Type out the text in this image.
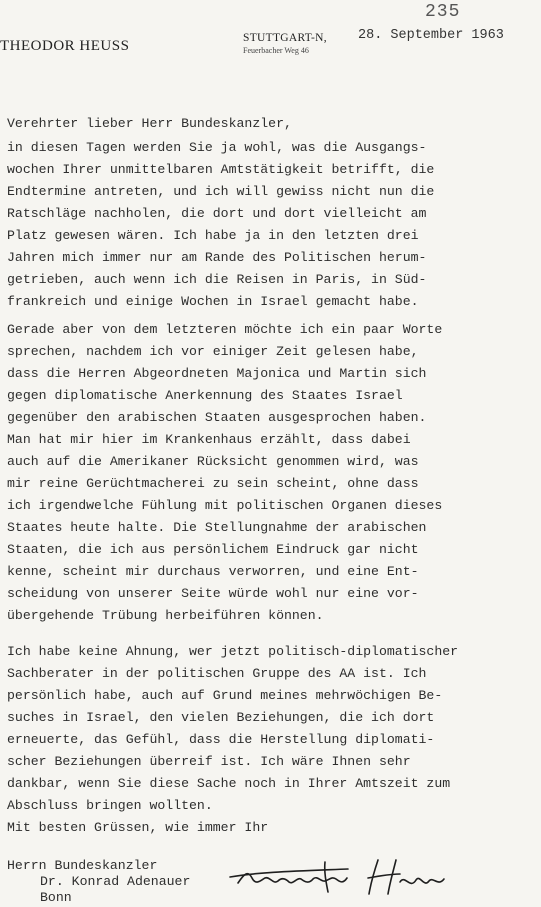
235
THEODOR HEUSS	STUTTGART-N,
Feuerbacher Weg 46
28. September 1963
Verehrter lieber Herr Bundeskanzler,
in diesen Tagen werden Sie ja wohl, was die Ausgangs-
wochen Ihrer unmittelbaren Amtstätigkeit betrifft, die
Endtermine antreten, und ich will gewiss nicht nun die
Ratschläge nachholen, die dort und dort vielleicht am
Platz gewesen wären. Ich habe ja in den letzten drei
Jahren mich immer nur am Rande des Politischen herum-
getrieben, auch wenn ich die Reisen in Paris, in Süd-
frankreich und einige Wochen in Israel gemacht habe.
Gerade aber von dem letzteren möchte ich ein paar Worte
sprechen, nachdem ich vor einiger Zeit gelesen habe,
dass die Herren Abgeordneten Majonica und Martin sich
gegen diplomatische Anerkennung des Staates Israel
gegenüber den arabischen Staaten ausgesprochen haben.
Man hat mir hier im Krankenhaus erzählt, dass dabei
auch auf die Amerikaner Rücksicht genommen wird, was
mir reine Gerüchtmacherei zu sein scheint, ohne dass
ich irgendwelche Fühlung mit politischen Organen dieses
Staates heute halte. Die Stellungnahme der arabischen
Staaten, die ich aus persönlichem Eindruck gar nicht
kenne, scheint mir durchaus verworren, und eine Ent-
scheidung von unserer Seite würde wohl nur eine vor-
übergehende Trübung herbeiführen können.
Ich habe keine Ahnung, wer jetzt politisch-diplomatischer
Sachberater in der politischen Gruppe des AA ist. Ich
persönlich habe, auch auf Grund meines mehrwöchigen Be-
suches in Israel, den vielen Beziehungen, die ich dort
erneuerte, das Gefühl, dass die Herstellung diplomati-
scher Beziehungen überreif ist. Ich wäre Ihnen sehr
dankbar, wenn Sie diese Sache noch in Ihrer Amtszeit zum
Abschluss bringen wollten.
Mit besten Grüssen, wie immer Ihr
Herrn Bundeskanzler
Dr. Konrad Adenauer
Bonn
